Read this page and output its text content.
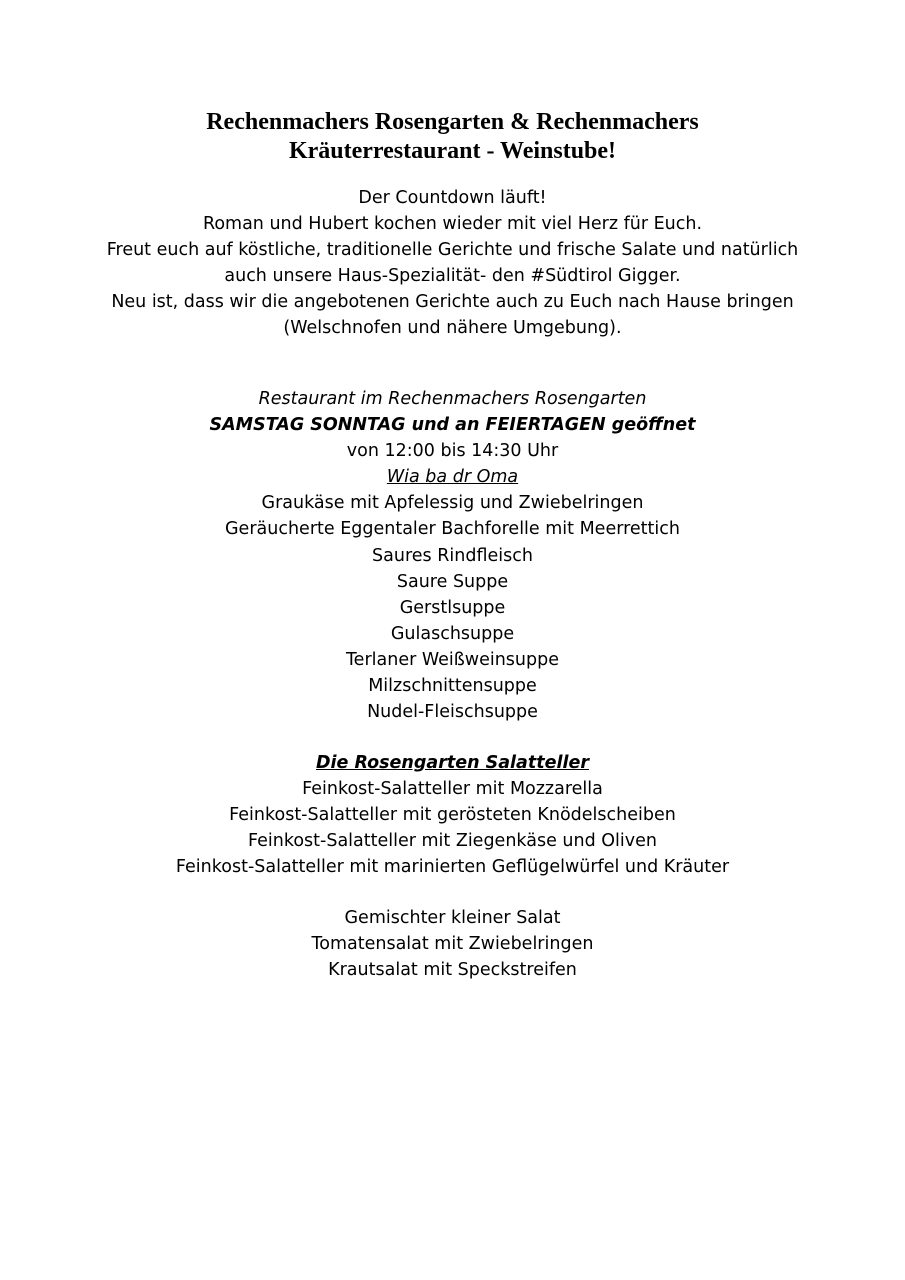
Rechenmachers Rosengarten & Rechenmachers
Kräuterrestaurant - Weinstube!
Der Countdown läuft!
Roman und Hubert kochen wieder mit viel Herz für Euch.
Freut euch auf köstliche, traditionelle Gerichte und frische Salate und natürlich
auch unsere Haus-Spezialität- den #Südtirol Gigger.
Neu ist, dass wir die angebotenen Gerichte auch zu Euch nach Hause bringen
(Welschnofen und nähere Umgebung).
Restaurant im Rechenmachers Rosengarten
SAMSTAG SONNTAG und an FEIERTAGEN geöffnet
von 12:00 bis 14:30 Uhr
Wia ba dr Oma
Graukäse mit Apfelessig und Zwiebelringen
Geräucherte Eggentaler Bachforelle mit Meerrettich
Saures Rindfleisch
Saure Suppe
Gerstlsuppe
Gulaschsuppe
Terlaner Weißweinsuppe
Milzschnittensuppe
Nudel-Fleischsuppe
Die Rosengarten Salatteller
Feinkost-Salatteller mit Mozzarella
Feinkost-Salatteller mit gerösteten Knödelscheiben
Feinkost-Salatteller mit Ziegenkäse und Oliven
Feinkost-Salatteller mit marinierten Geflügelwürfel und Kräuter
Gemischter kleiner Salat
Tomatensalat mit Zwiebelringen
Krautsalat mit Speckstreifen
